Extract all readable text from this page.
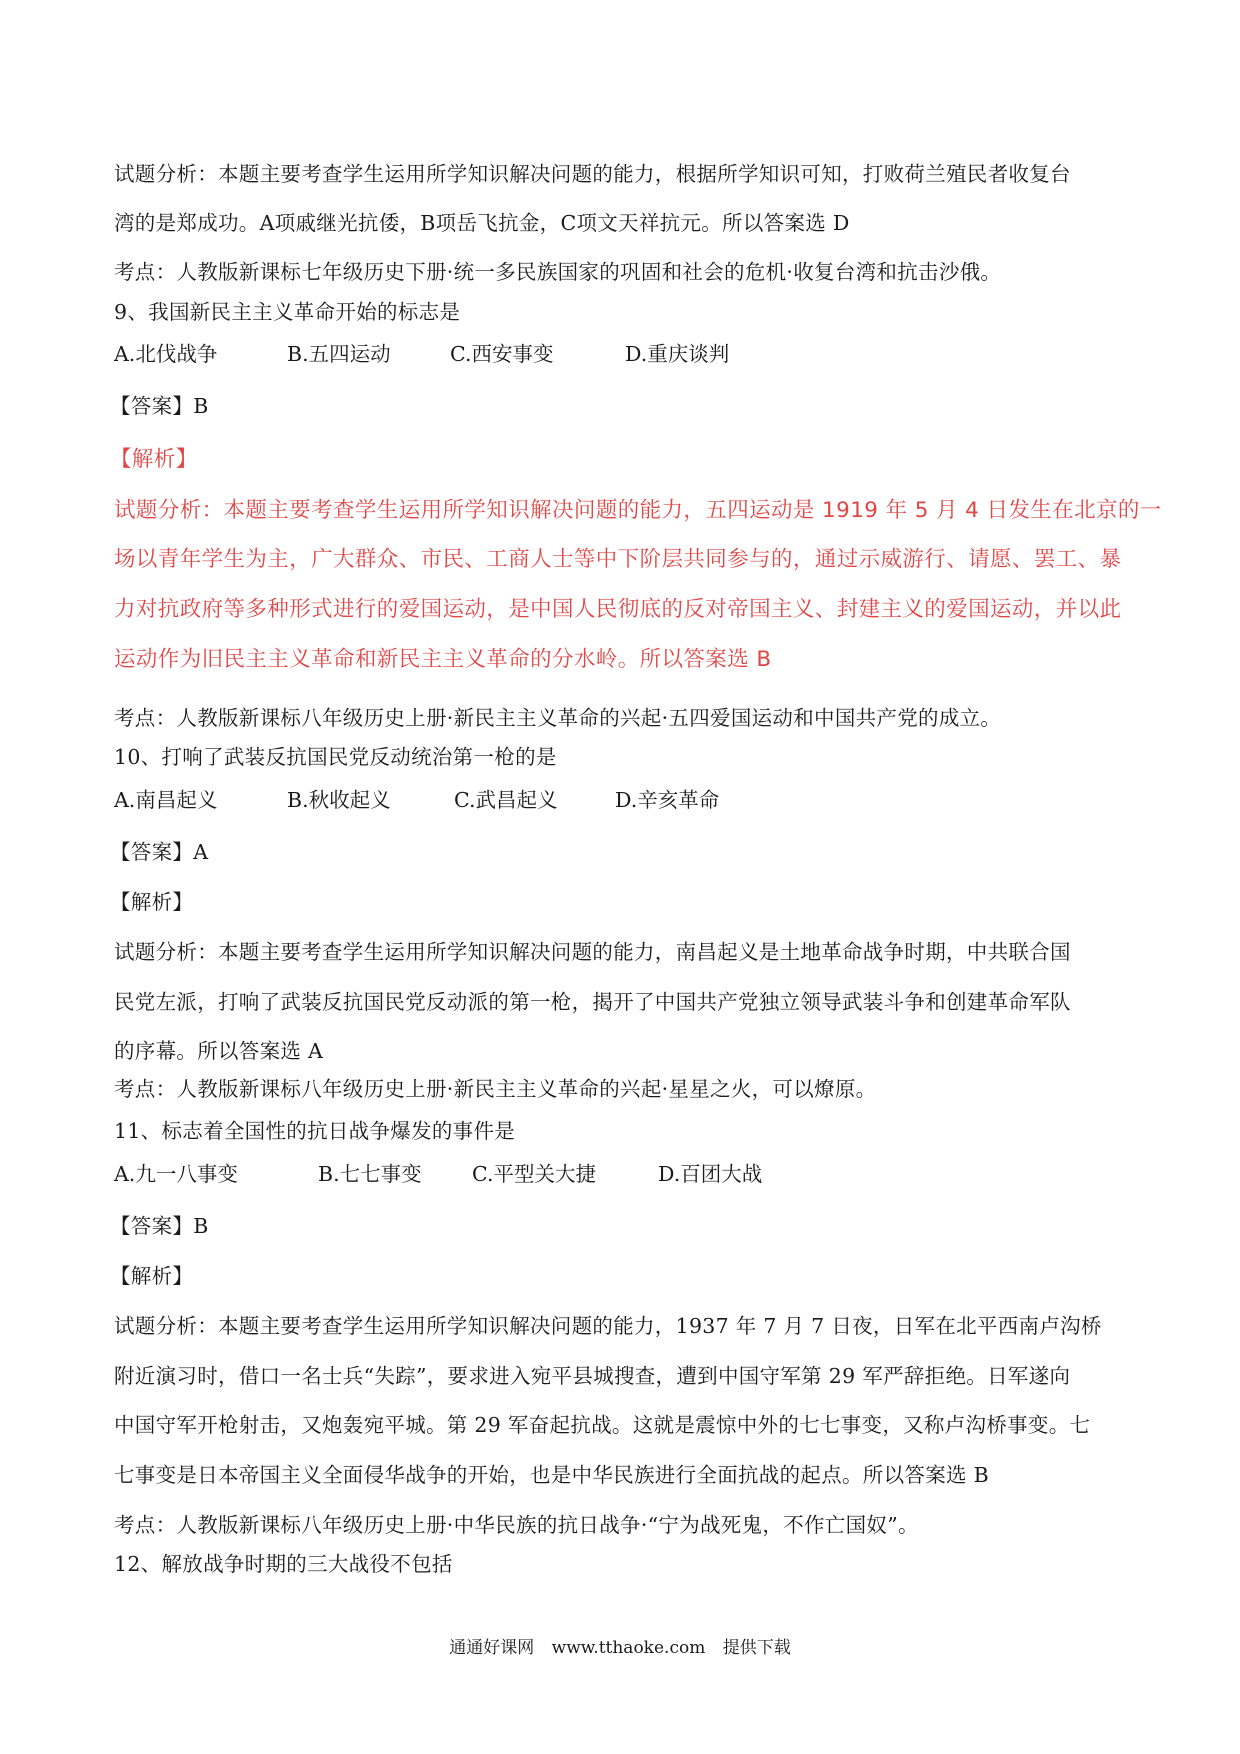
试题分析：本题主要考查学生运用所学知识解决问题的能力，根据所学知识可知，打败荷兰殖民者收复台
湾的是郑成功。A项戚继光抗倭，B项岳飞抗金，C项文天祥抗元。所以答案选 D
考点：人教版新课标七年级历史下册·统一多民族国家的巩固和社会的危机·收复台湾和抗击沙俄。
9、我国新民主主义革命开始的标志是
A.北伐战争	B.五四运动	C.西安事变	D.重庆谈判
【答案】B
【解析】
试题分析：本题主要考查学生运用所学知识解决问题的能力，五四运动是 1919 年 5 月 4 日发生在北京的一
场以青年学生为主，广大群众、市民、工商人士等中下阶层共同参与的，通过示威游行、请愿、罢工、暴
力对抗政府等多种形式进行的爱国运动，是中国人民彻底的反对帝国主义、封建主义的爱国运动，并以此
运动作为旧民主主义革命和新民主主义革命的分水岭。所以答案选 B
考点：人教版新课标八年级历史上册·新民主主义革命的兴起·五四爱国运动和中国共产党的成立。
10、打响了武装反抗国民党反动统治第一枪的是
A.南昌起义	B.秋收起义	C.武昌起义	D.辛亥革命
【答案】A
【解析】
试题分析：本题主要考查学生运用所学知识解决问题的能力，南昌起义是土地革命战争时期，中共联合国
民党左派，打响了武装反抗国民党反动派的第一枪，揭开了中国共产党独立领导武装斗争和创建革命军队
的序幕。所以答案选 A
考点：人教版新课标八年级历史上册·新民主主义革命的兴起·星星之火，可以燎原。
11、标志着全国性的抗日战争爆发的事件是
A.九一八事变	B.七七事变 C.平型关大捷	D.百团大战
【答案】B
【解析】
试题分析：本题主要考查学生运用所学知识解决问题的能力，1937 年 7 月 7 日夜，日军在北平西南卢沟桥
附近演习时，借口一名士兵“失踪”，要求进入宛平县城搜查，遭到中国守军第 29 军严辞拒绝。日军遂向
中国守军开枪射击，又炮轰宛平城。第 29 军奋起抗战。这就是震惊中外的七七事变，又称卢沟桥事变。七
七事变是日本帝国主义全面侵华战争的开始，也是中华民族进行全面抗战的起点。所以答案选 B
考点：人教版新课标八年级历史上册·中华民族的抗日战争·“宁为战死鬼，不作亡国奴”。
12、解放战争时期的三大战役不包括
通通好课网 www.tthaoke.com 提供下载
